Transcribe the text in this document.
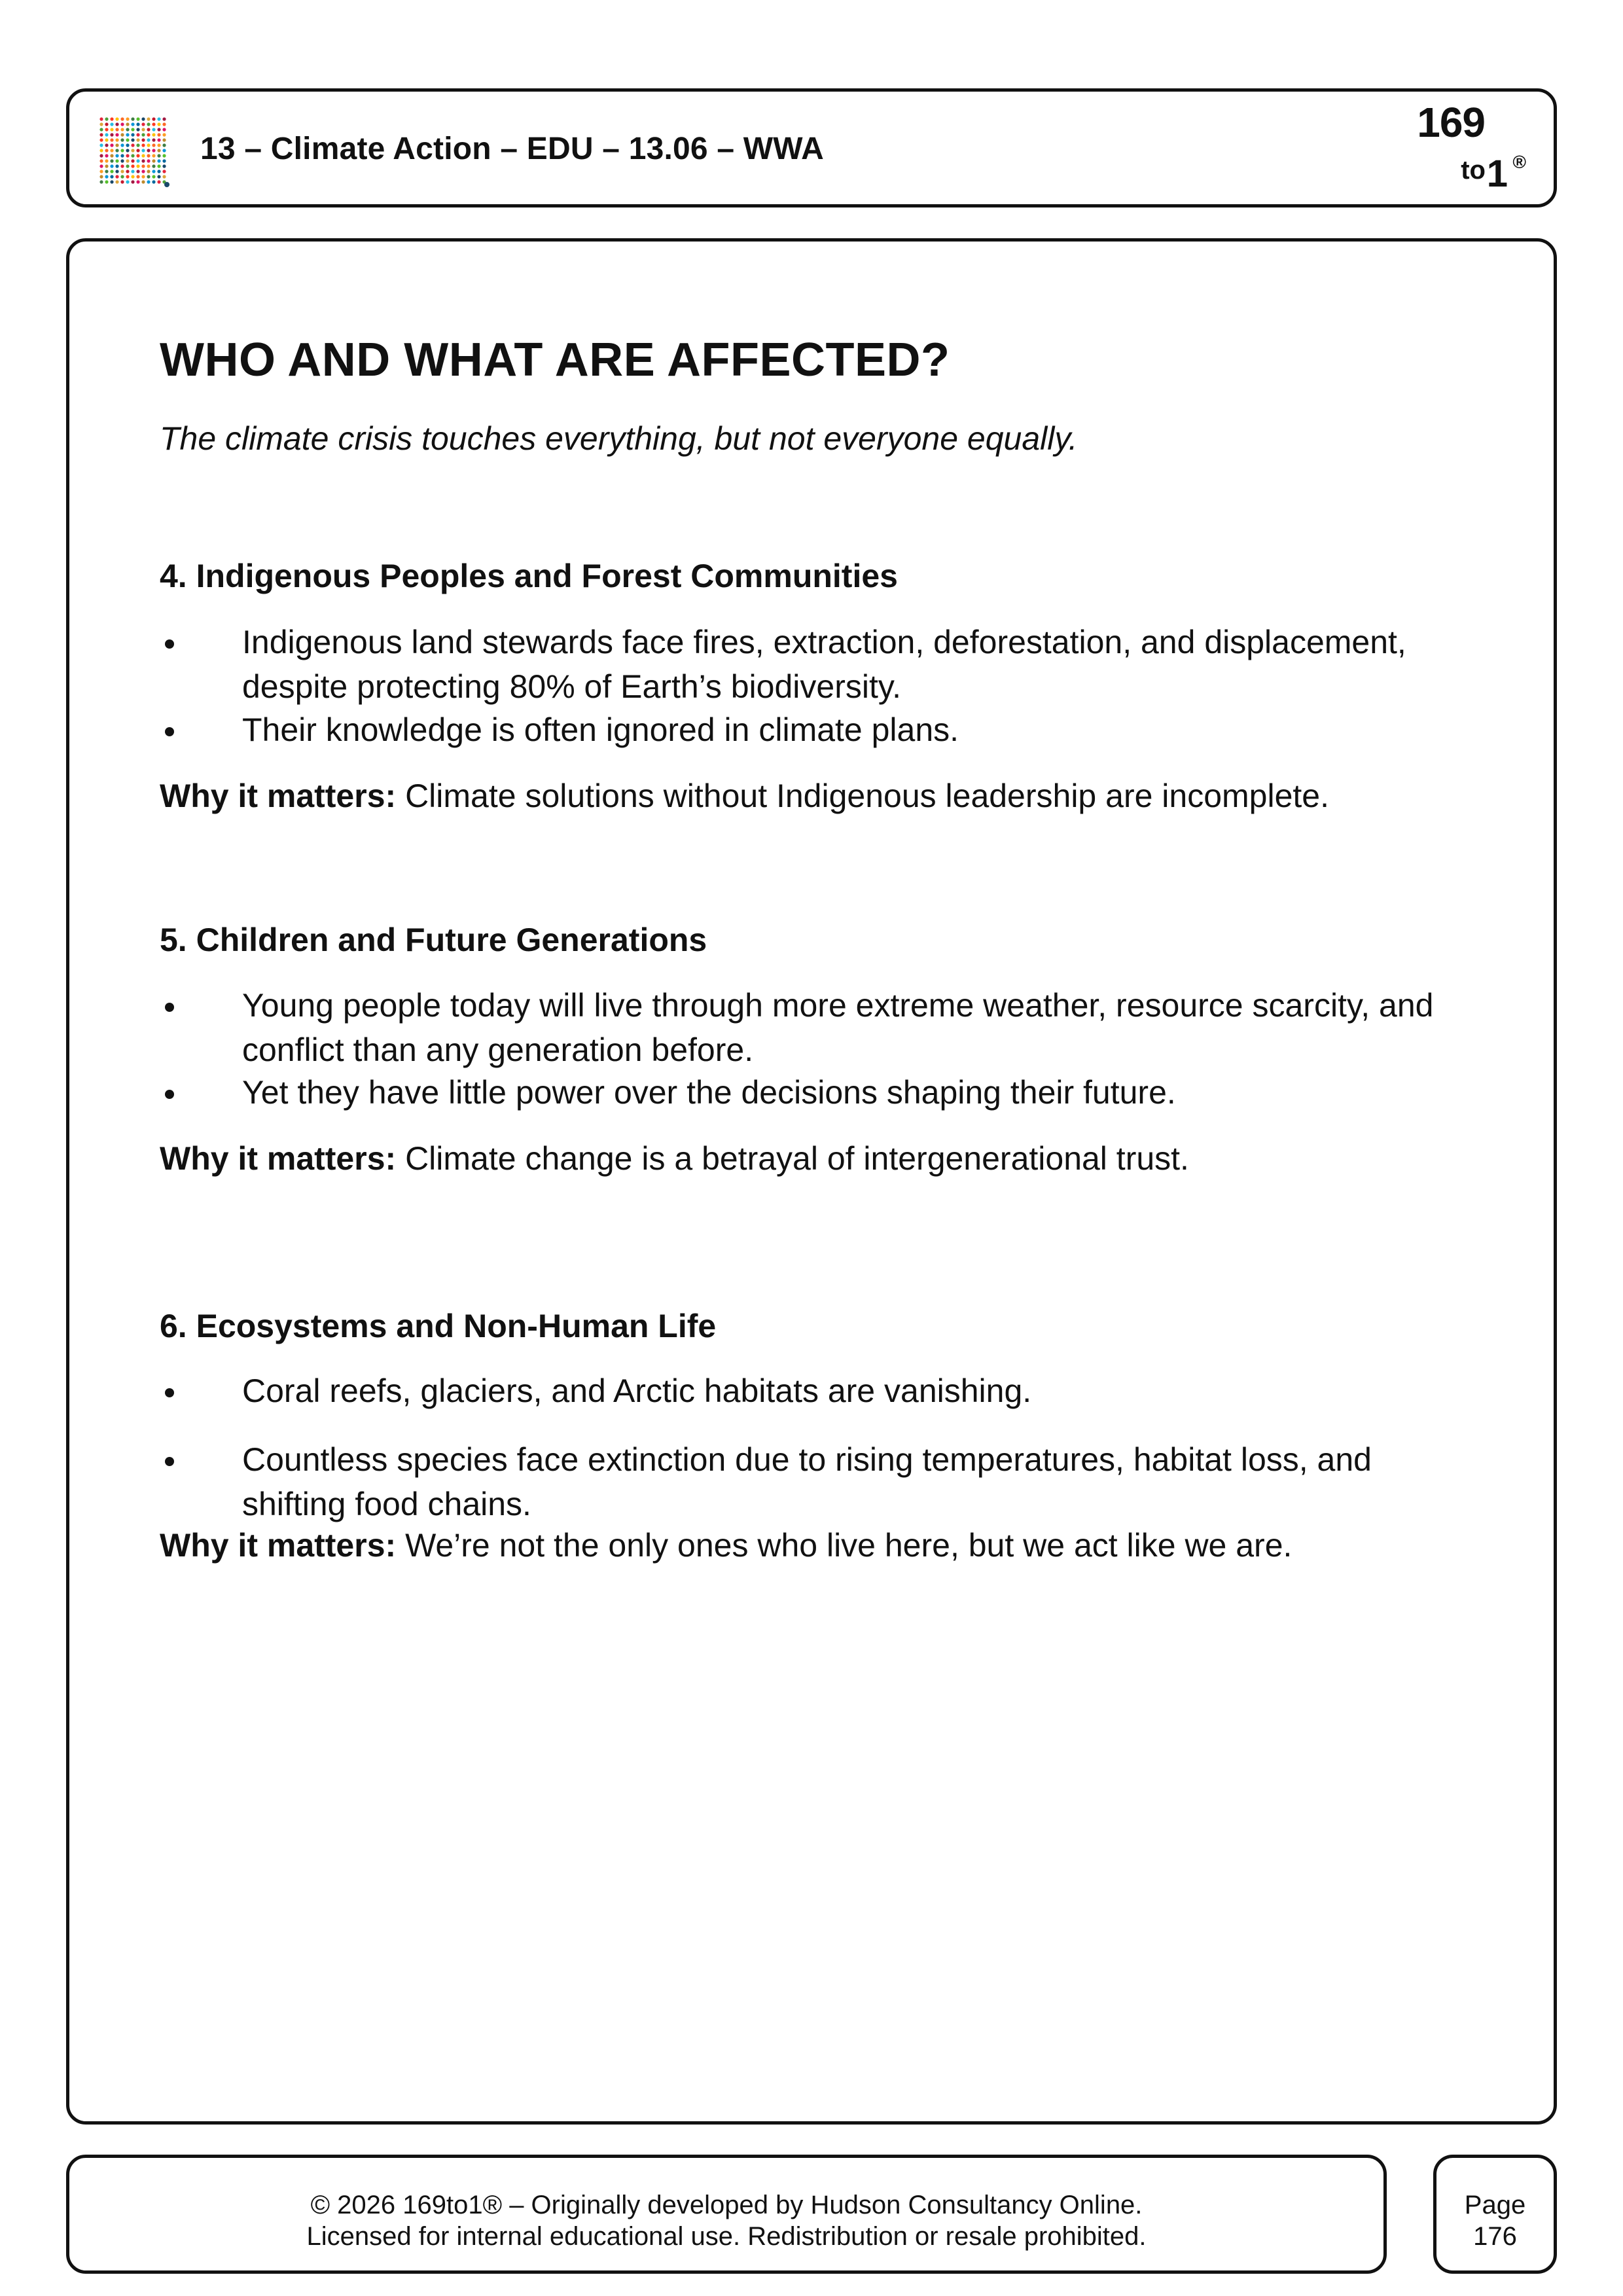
13 – Climate Action – EDU – 13.06 – WWA
169
to 1 ®
WHO AND WHAT ARE AFFECTED?
The climate crisis touches everything, but not everyone equally.
4. Indigenous Peoples and Forest Communities
Indigenous land stewards face fires, extraction, deforestation, and displacement, despite protecting 80% of Earth’s biodiversity.
Their knowledge is often ignored in climate plans.
Why it matters: Climate solutions without Indigenous leadership are incomplete.
5. Children and Future Generations
Young people today will live through more extreme weather, resource scarcity, and conflict than any generation before.
Yet they have little power over the decisions shaping their future.
Why it matters: Climate change is a betrayal of intergenerational trust.
6. Ecosystems and Non-Human Life
Coral reefs, glaciers, and Arctic habitats are vanishing.
Countless species face extinction due to rising temperatures, habitat loss, and shifting food chains.
Why it matters: We’re not the only ones who live here, but we act like we are.
© 2026 169to1® – Originally developed by Hudson Consultancy Online.
Licensed for internal educational use. Redistribution or resale prohibited.
Page
176
